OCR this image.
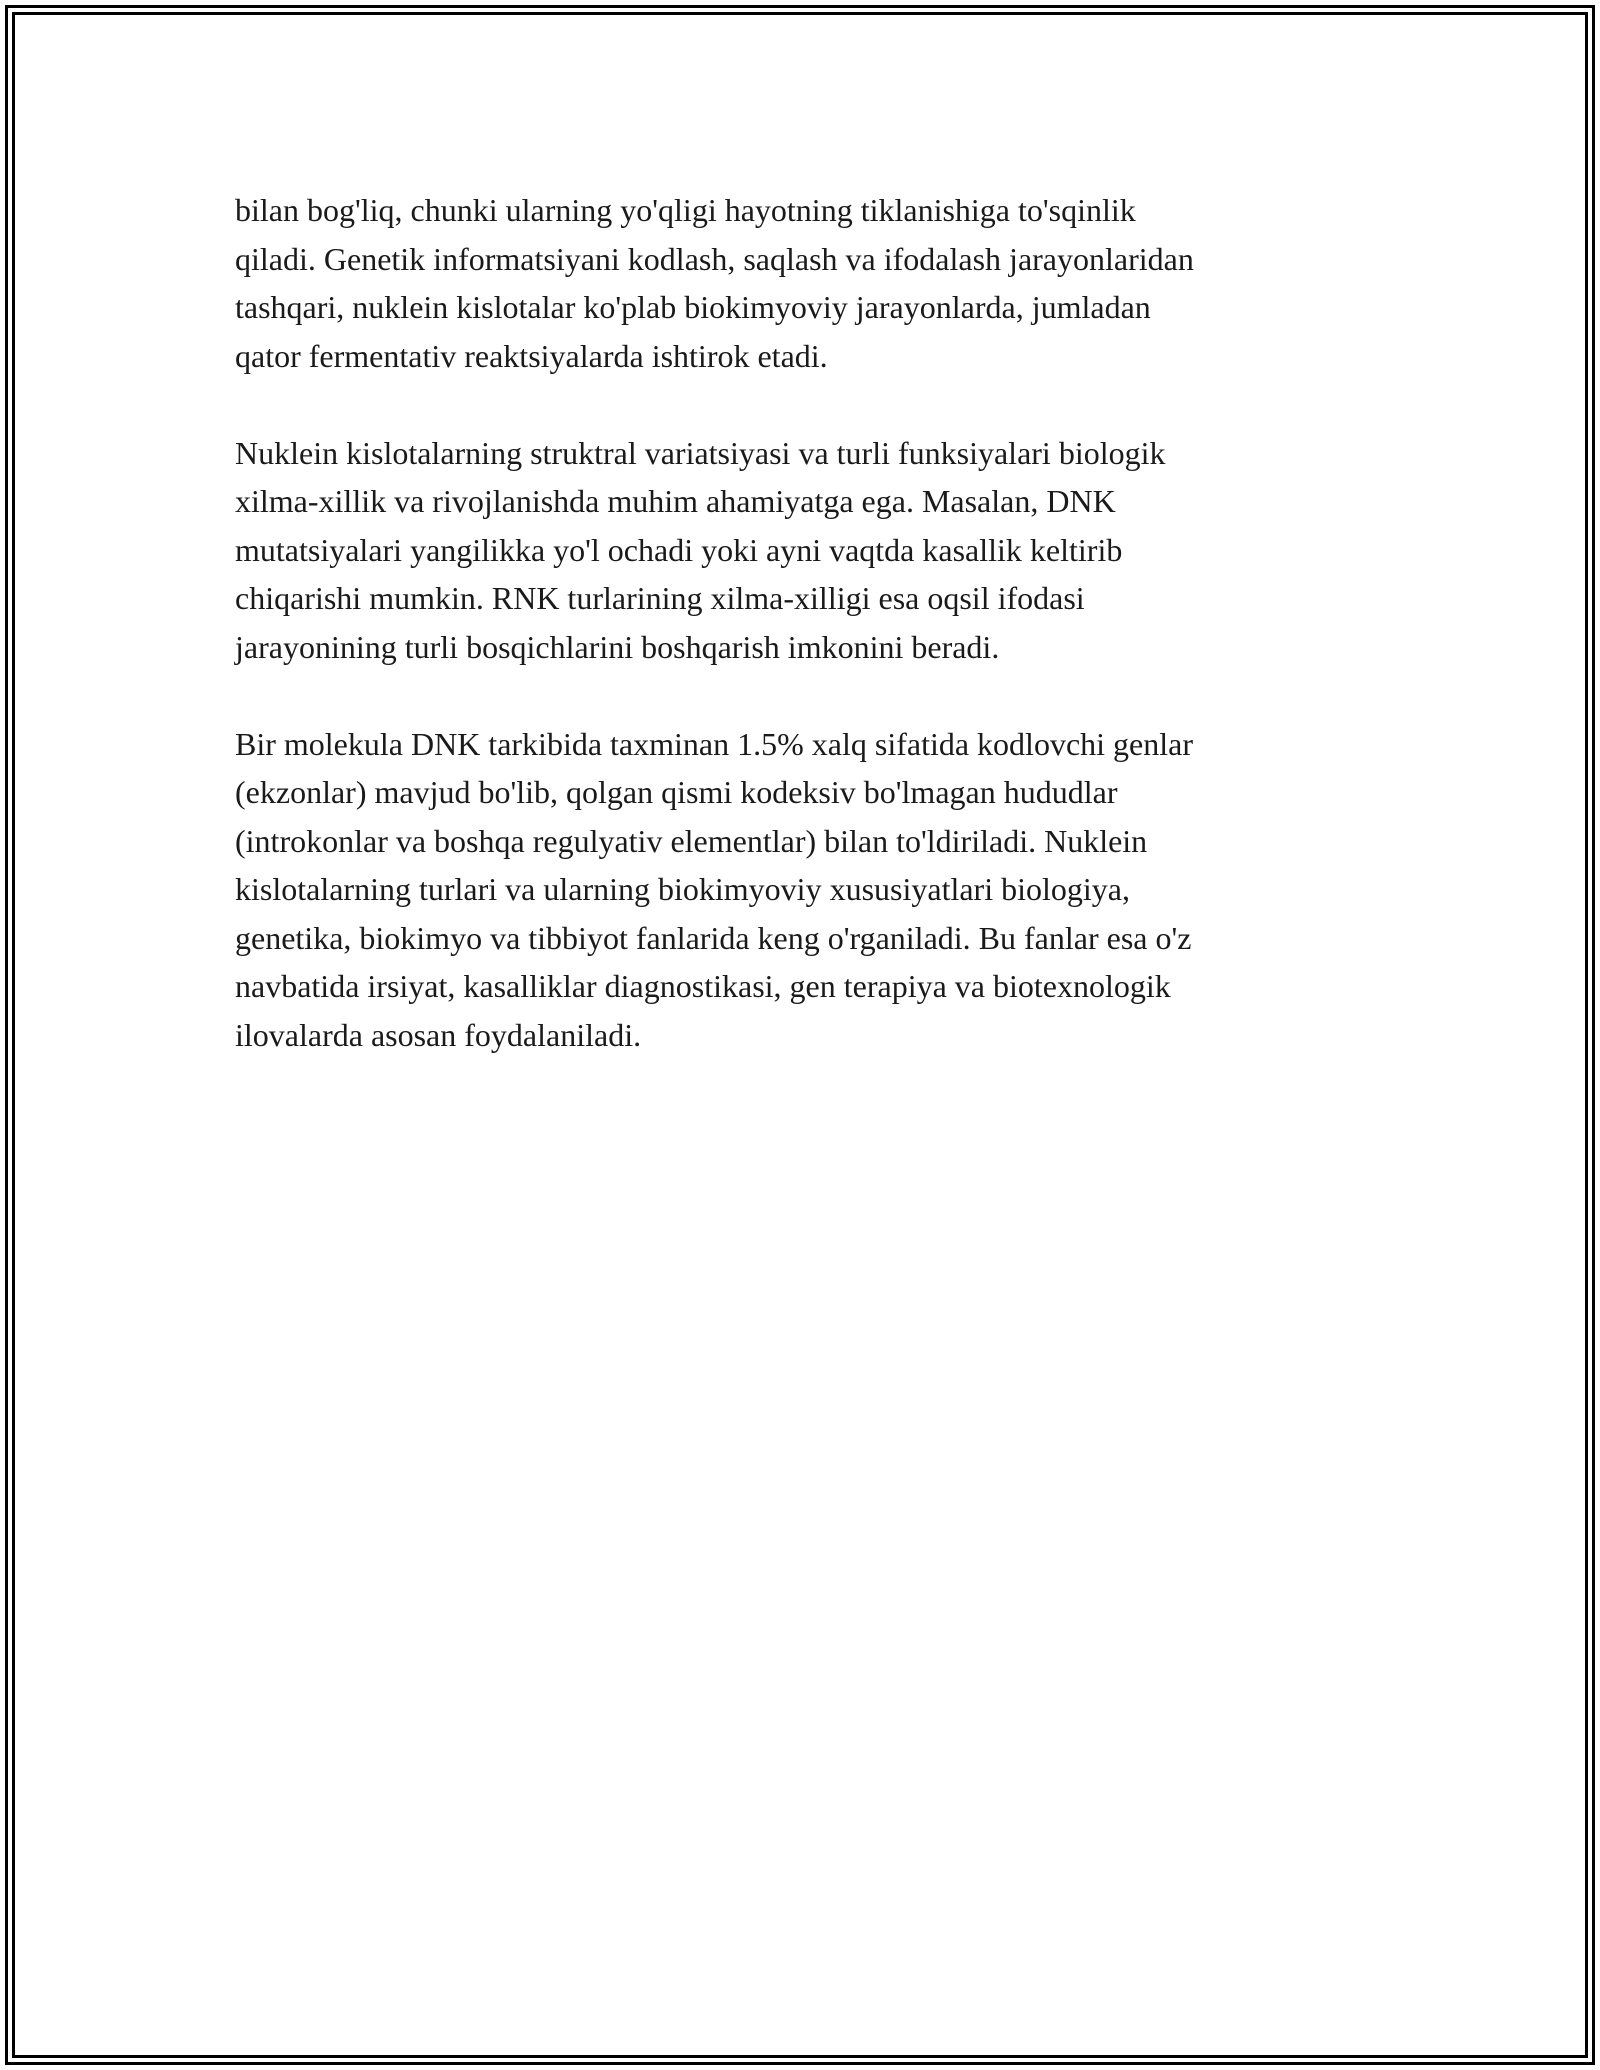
bilan bog'liq, chunki ularning yo'qligi hayotning tiklanishiga to'sqinlik
qiladi. Genetik informatsiyani kodlash, saqlash va ifodalash jarayonlaridan
tashqari, nuklein kislotalar ko'plab biokimyoviy jarayonlarda, jumladan
qator fermentativ reaktsiyalarda ishtirok etadi.

Nuklein kislotalarning struktral variatsiyasi va turli funksiyalari biologik
xilma-xillik va rivojlanishda muhim ahamiyatga ega. Masalan, DNK
mutatsiyalari yangilikka yo'l ochadi yoki ayni vaqtda kasallik keltirib
chiqarishi mumkin. RNK turlarining xilma-xilligi esa oqsil ifodasi
jarayonining turli bosqichlarini boshqarish imkonini beradi.

Bir molekula DNK tarkibida taxminan 1.5% xalq sifatida kodlovchi genlar
(ekzonlar) mavjud bo'lib, qolgan qismi kodeksiv bo'lmagan hududlar
(introkonlar va boshqa regulyativ elementlar) bilan to'ldiriladi. Nuklein
kislotalarning turlari va ularning biokimyoviy xususiyatlari biologiya,
genetika, biokimyo va tibbiyot fanlarida keng o'rganiladi. Bu fanlar esa o'z
navbatida irsiyat, kasalliklar diagnostikasi, gen terapiya va biotexnologik
ilovalarda asosan foydalaniladi.
